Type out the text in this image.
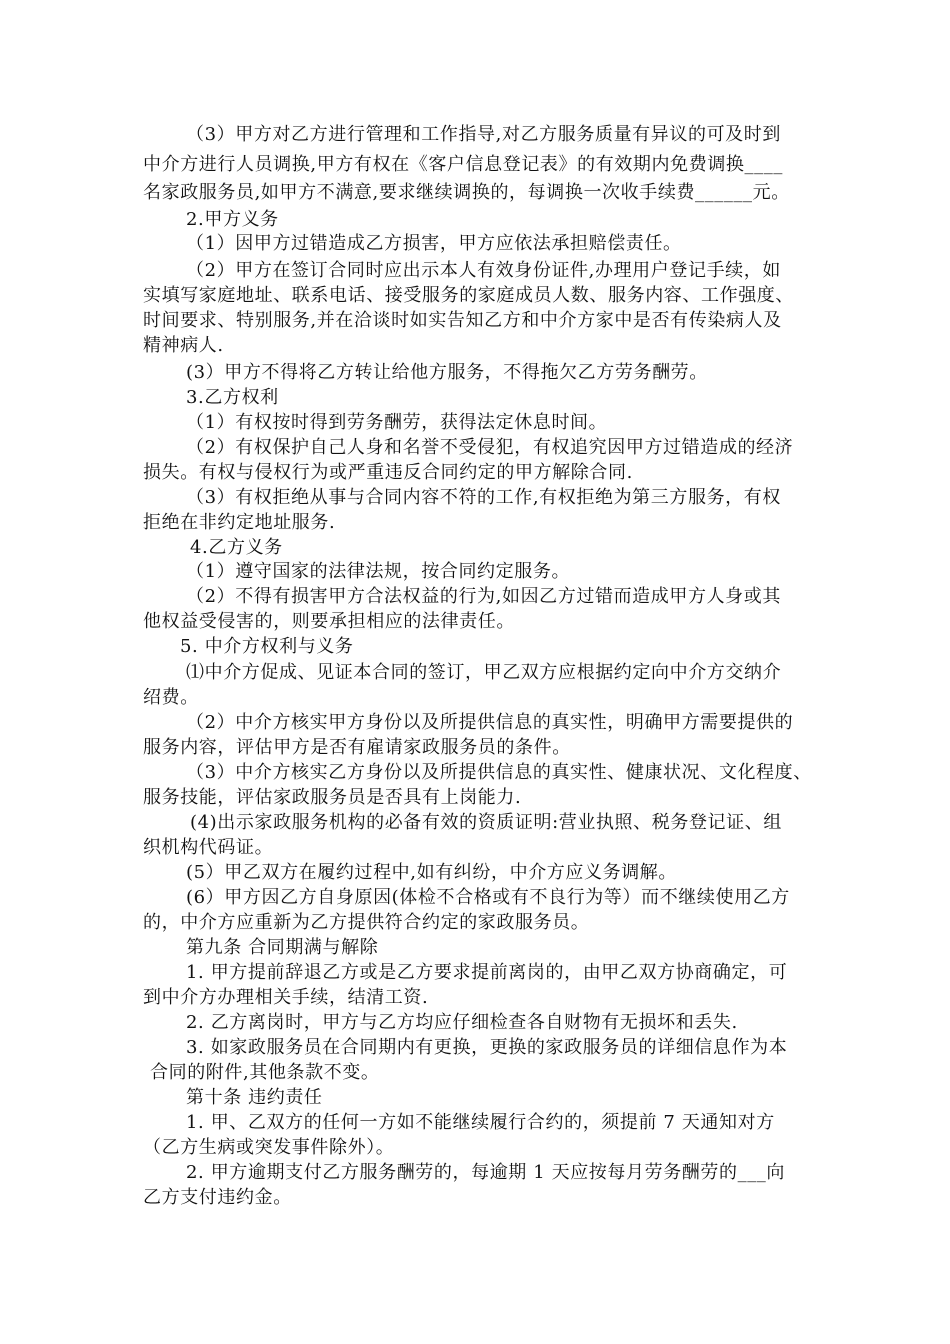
（3）甲方对乙方进行管理和工作指导,对乙方服务质量有异议的可及时到
中介方进行人员调换,甲方有权在《客户信息登记表》的有效期内免费调换____
名家政服务员,如甲方不满意,要求继续调换的，每调换一次收手续费______元。
2.甲方义务
（1）因甲方过错造成乙方损害，甲方应依法承担赔偿责任。
（2）甲方在签订合同时应出示本人有效身份证件,办理用户登记手续，如
实填写家庭地址、联系电话、接受服务的家庭成员人数、服务内容、工作强度、
时间要求、特别服务,并在洽谈时如实告知乙方和中介方家中是否有传染病人及
精神病人.
(3）甲方不得将乙方转让给他方服务，不得拖欠乙方劳务酬劳。
3.乙方权利
（1）有权按时得到劳务酬劳，获得法定休息时间。
（2）有权保护自己人身和名誉不受侵犯，有权追究因甲方过错造成的经济
损失。有权与侵权行为或严重违反合同约定的甲方解除合同.
（3）有权拒绝从事与合同内容不符的工作,有权拒绝为第三方服务，有权
拒绝在非约定地址服务.
4.乙方义务
（1）遵守国家的法律法规，按合同约定服务。
（2）不得有损害甲方合法权益的行为,如因乙方过错而造成甲方人身或其
他权益受侵害的，则要承担相应的法律责任。
5. 中介方权利与义务
⑴中介方促成、见证本合同的签订，甲乙双方应根据约定向中介方交纳介
绍费。
（2）中介方核实甲方身份以及所提供信息的真实性，明确甲方需要提供的
服务内容，评估甲方是否有雇请家政服务员的条件。
（3）中介方核实乙方身份以及所提供信息的真实性、健康状况、文化程度、
服务技能，评估家政服务员是否具有上岗能力.
(4)出示家政服务机构的必备有效的资质证明:营业执照、税务登记证、组
织机构代码证。
(5）甲乙双方在履约过程中,如有纠纷，中介方应义务调解。
(6）甲方因乙方自身原因(体检不合格或有不良行为等）而不继续使用乙方
的，中介方应重新为乙方提供符合约定的家政服务员。
第九条 合同期满与解除
1. 甲方提前辞退乙方或是乙方要求提前离岗的，由甲乙双方协商确定，可
到中介方办理相关手续，结清工资.
2. 乙方离岗时，甲方与乙方均应仔细检查各自财物有无损坏和丢失.
3. 如家政服务员在合同期内有更换，更换的家政服务员的详细信息作为本
合同的附件,其他条款不变。
第十条 违约责任
1. 甲、乙双方的任何一方如不能继续履行合约的，须提前 7 天通知对方
（乙方生病或突发事件除外）。
2. 甲方逾期支付乙方服务酬劳的，每逾期 1 天应按每月劳务酬劳的___向
乙方支付违约金。
